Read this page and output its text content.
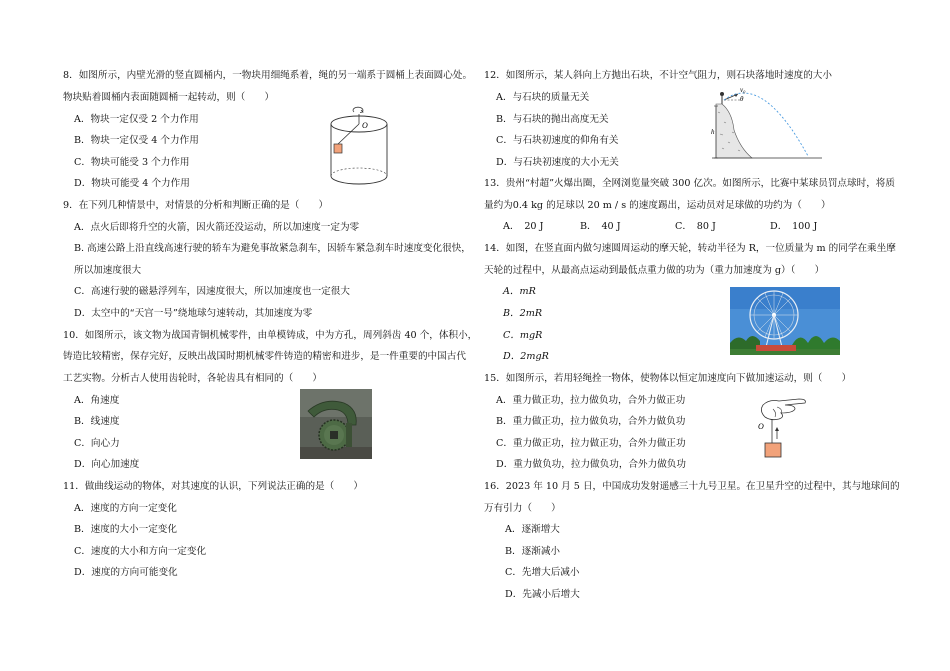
8．如图所示，内壁光滑的竖直圆桶内，一物块用细绳系着，绳的另一端系于圆桶上表面圆心处。
物块贴着圆桶内表面随圆桶一起转动，则（　　）
A．物块一定仅受 2 个力作用
B．物块一定仅受 4 个力作用
C．物块可能受 3 个力作用
D．物块可能受 4 个力作用
O
9．在下列几种情景中，对情景的分析和判断正确的是（　　）
A．点火后即将升空的火箭，因火箭还没运动，所以加速度一定为零
B. 高速公路上沿直线高速行驶的轿车为避免事故紧急刹车，因轿车紧急刹车时速度变化很快，
所以加速度很大
C．高速行驶的磁悬浮列车，因速度很大，所以加速度也一定很大
D．太空中的“天宫一号”绕地球匀速转动，其加速度为零
10．如图所示，该文物为战国青铜机械零件，由单模铸成，中为方孔，周列斜齿 40 个，体积小，
铸造比较精密，保存完好，反映出战国时期机械零件铸造的精密和进步，是一件重要的中国古代
工艺实物。分析古人使用齿轮时，各轮齿具有相同的（　　）
A．角速度
B．线速度
C．向心力
D．向心加速度
11．做曲线运动的物体，对其速度的认识，下列说法正确的是（　　）
A．速度的方向一定变化
B．速度的大小一定变化
C．速度的大小和方向一定变化
D．速度的方向可能变化
12．如图所示，某人斜向上方抛出石块，不计空气阻力，则石块落地时速度的大小
A．与石块的质量无关
B．与石块的抛出高度无关
C．与石块初速度的仰角有关
D．与石块初速度的大小无关
v₀
θ
h
13．贵州“村超”火爆出圈，全网浏览量突破 300 亿次。如图所示，比赛中某球员罚点球时，将质
量约为0.4 kg 的足球以 20 m / s 的速度踢出，运动员对足球做的功约为（　　）
A．　20 J	B．　40 J	C．　80 J	D．　100 J
14．如图，在竖直面内做匀速圆周运动的摩天轮，转动半径为 R，一位质量为 m 的同学在乘坐摩
天轮的过程中，从最高点运动到最低点重力做的功为（重力加速度为 g）（　　）
A．mR
B．2mR
C．mgR
D．2mgR
15．如图所示，若用轻绳拴一物体，使物体以恒定加速度向下做加速运动，则（　　）
A．重力做正功，拉力做负功，合外力做正功
B．重力做正功，拉力做负功，合外力做负功
C．重力做正功，拉力做正功，合外力做正功
D．重力做负功，拉力做负功，合外力做负功
O
16．2023 年 10 月 5 日，中国成功发射遥感三十九号卫星。在卫星升空的过程中，其与地球间的
万有引力（　　）
A．逐渐增大
B．逐渐减小
C．先增大后减小
D．先减小后增大
